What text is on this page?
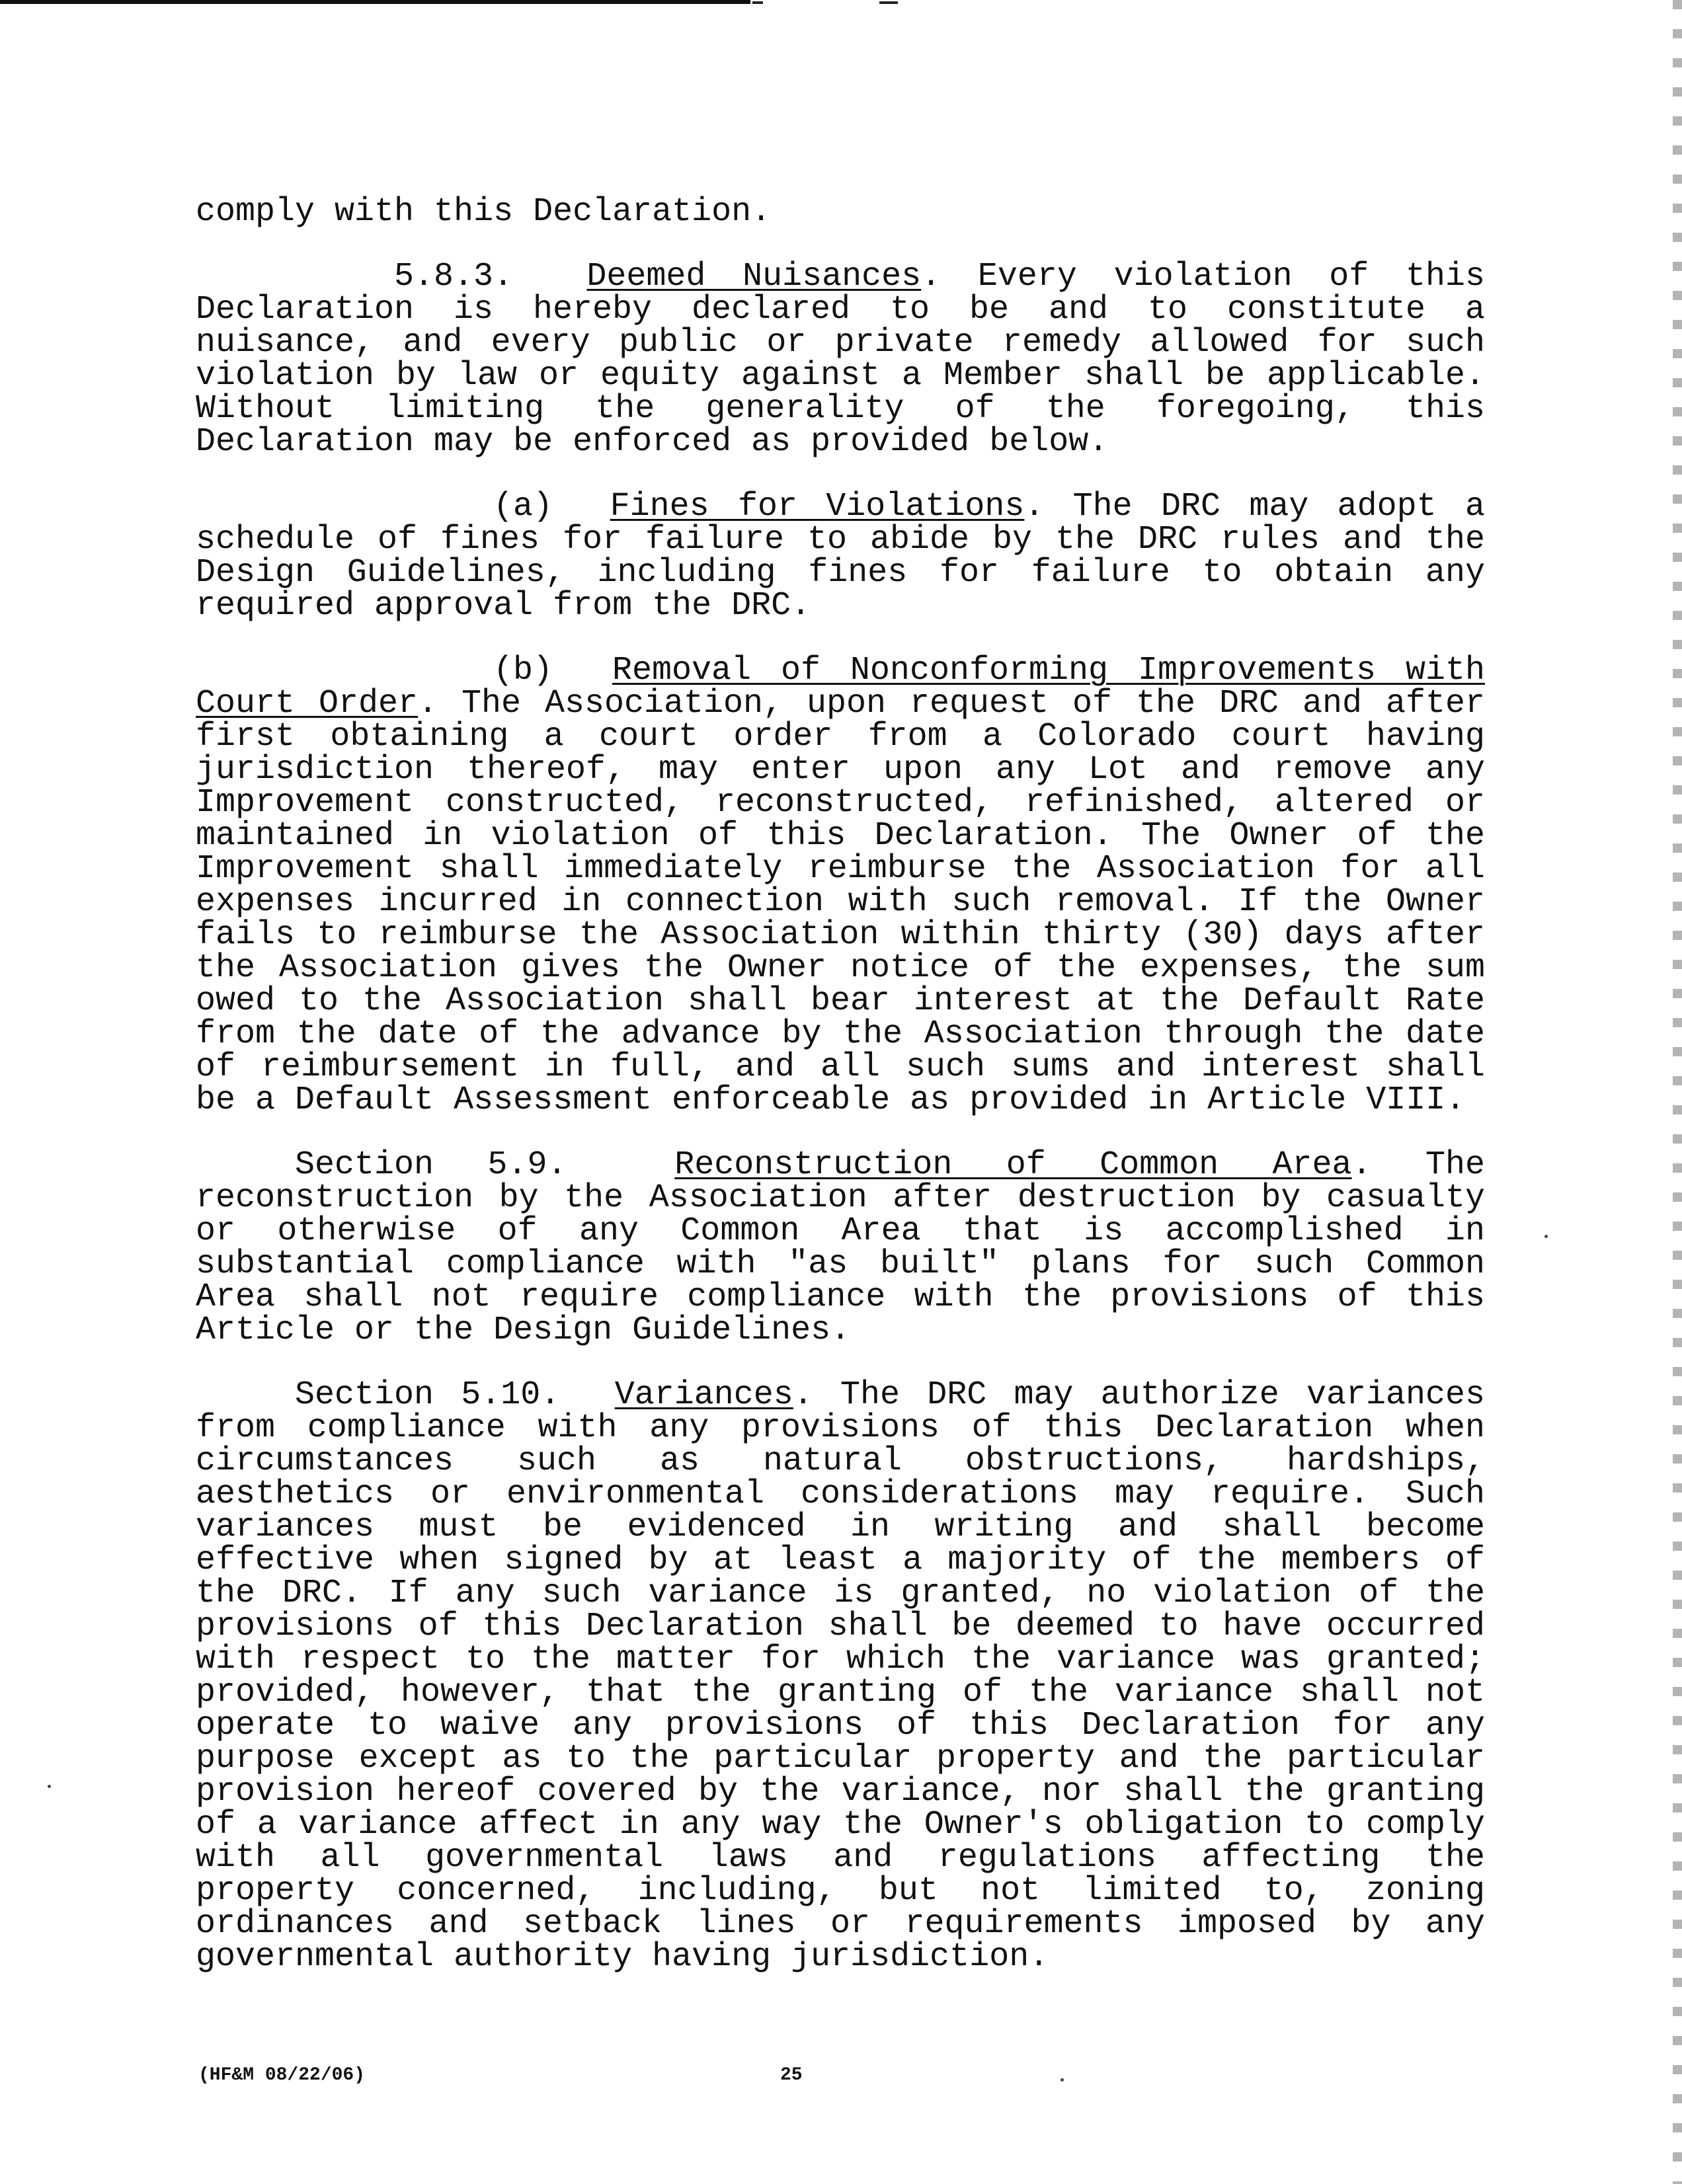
comply with this Declaration.

5.8.3. Deemed Nuisances. Every violation of this Declaration is hereby declared to be and to constitute a nuisance, and every public or private remedy allowed for such violation by law or equity against a Member shall be applicable. Without limiting the generality of the foregoing, this Declaration may be enforced as provided below.

(a) Fines for Violations. The DRC may adopt a schedule of fines for failure to abide by the DRC rules and the Design Guidelines, including fines for failure to obtain any required approval from the DRC.

(b) Removal of Nonconforming Improvements with Court Order. The Association, upon request of the DRC and after first obtaining a court order from a Colorado court having jurisdiction thereof, may enter upon any Lot and remove any Improvement constructed, reconstructed, refinished, altered or maintained in violation of this Declaration. The Owner of the Improvement shall immediately reimburse the Association for all expenses incurred in connection with such removal. If the Owner fails to reimburse the Association within thirty (30) days after the Association gives the Owner notice of the expenses, the sum owed to the Association shall bear interest at the Default Rate from the date of the advance by the Association through the date of reimbursement in full, and all such sums and interest shall be a Default Assessment enforceable as provided in Article VIII.

Section 5.9.	Reconstruction of Common Area. The reconstruction by the Association after destruction by casualty or otherwise of any Common Area that is accomplished in substantial compliance with "as built" plans for such Common Area shall not require compliance with the provisions of this Article or the Design Guidelines.

Section 5.10. Variances. The DRC may authorize variances from compliance with any provisions of this Declaration when circumstances such as natural obstructions, hardships, aesthetics or environmental considerations may require. Such variances must be evidenced in writing and shall become effective when signed by at least a majority of the members of the DRC. If any such variance is granted, no violation of the provisions of this Declaration shall be deemed to have occurred with respect to the matter for which the variance was granted; provided, however, that the granting of the variance shall not operate to waive any provisions of this Declaration for any purpose except as to the particular property and the particular provision hereof covered by the variance, nor shall the granting of a variance affect in any way the Owner's obligation to comply with all governmental laws and regulations affecting the property concerned, including, but not limited to, zoning ordinances and setback lines or requirements imposed by any governmental authority having jurisdiction.

(HF&M 08/22/06)	25
